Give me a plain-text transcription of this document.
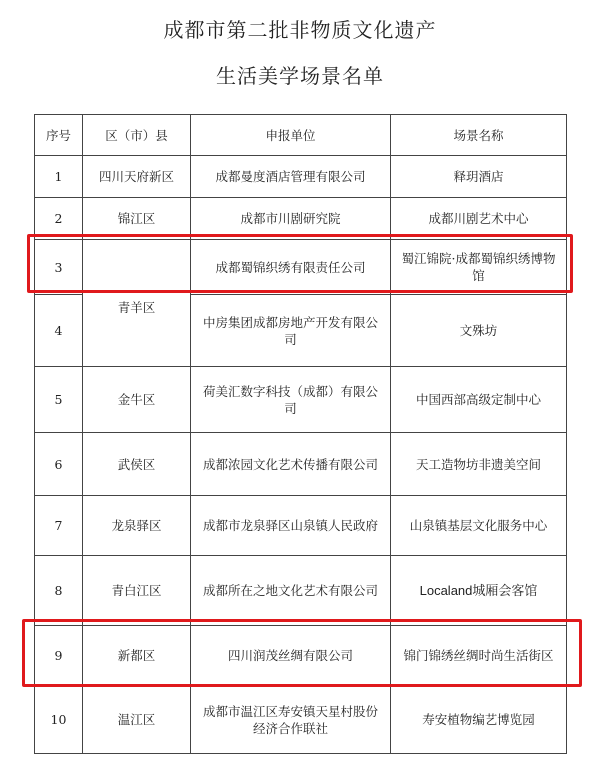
成都市第二批非物质文化遗产
生活美学场景名单
序号	区（市）县	申报单位	场景名称
1	四川天府新区	成都曼度酒店管理有限公司	释玥酒店
2	锦江区	成都市川剧研究院	成都川剧艺术中心
3		成都蜀锦织绣有限责任公司	蜀江锦院·成都蜀锦织绣博物馆
4	青羊区	中房集团成都房地产开发有限公司	文殊坊
5	金牛区	荷美汇数字科技（成都）有限公司	中国西部高级定制中心
6	武侯区	成都浓园文化艺术传播有限公司	天工造物坊非遗美空间
7	龙泉驿区	成都市龙泉驿区山泉镇人民政府	山泉镇基层文化服务中心
8	青白江区	成都所在之地文化艺术有限公司	Localand城厢会客馆
9	新都区	四川润茂丝绸有限公司	锦门锦绣丝绸时尚生活街区
10	温江区	成都市温江区寿安镇天星村股份经济合作联社	寿安植物编艺博览园
